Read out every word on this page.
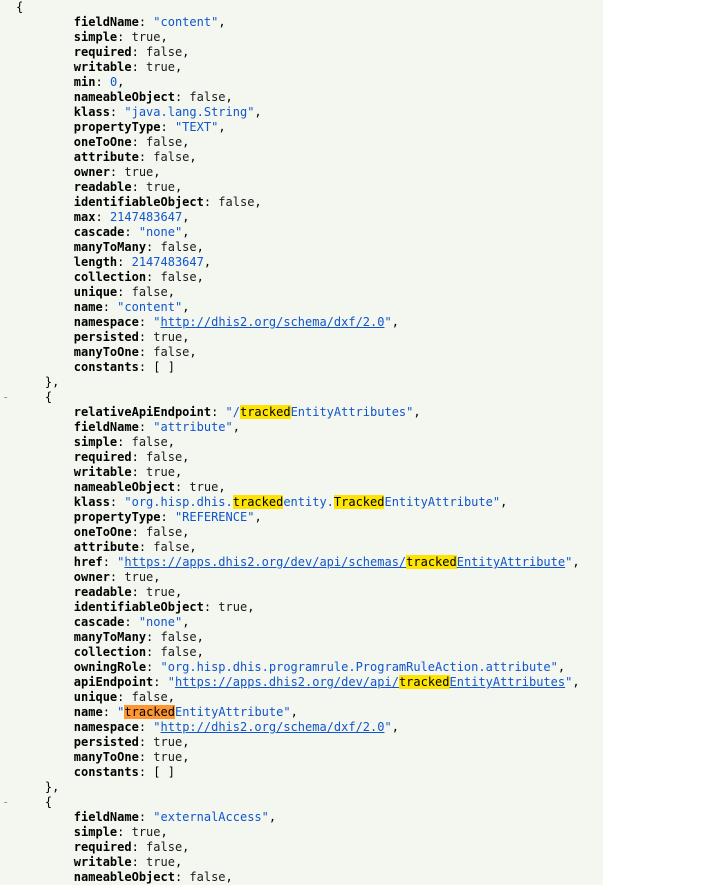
{
fieldName: "content",
simple: true,
required: false,
writable: true,
min: 0,
nameableObject: false,
klass: "java.lang.String",
propertyType: "TEXT",
oneToOne: false,
attribute: false,
owner: true,
readable: true,
identifiableObject: false,
max: 2147483647,
cascade: "none",
manyToMany: false,
length: 2147483647,
collection: false,
unique: false,
name: "content",
namespace: "http://dhis2.org/schema/dxf/2.0",
persisted: true,
manyToOne: false,
constants: [ ]
},
-	{
relativeApiEndpoint: "/trackedEntityAttributes",
fieldName: "attribute",
simple: false,
required: false,
writable: true,
nameableObject: true,
klass: "org.hisp.dhis.trackedentity.TrackedEntityAttribute",
propertyType: "REFERENCE",
oneToOne: false,
attribute: false,
href: "https://apps.dhis2.org/dev/api/schemas/trackedEntityAttribute",
owner: true,
readable: true,
identifiableObject: true,
cascade: "none",
manyToMany: false,
collection: false,
owningRole: "org.hisp.dhis.programrule.ProgramRuleAction.attribute",
apiEndpoint: "https://apps.dhis2.org/dev/api/trackedEntityAttributes",
unique: false,
name: "trackedEntityAttribute",
namespace: "http://dhis2.org/schema/dxf/2.0",
persisted: true,
manyToOne: true,
constants: [ ]
},
-	{
fieldName: "externalAccess",
simple: true,
required: false,
writable: true,
nameableObject: false,
